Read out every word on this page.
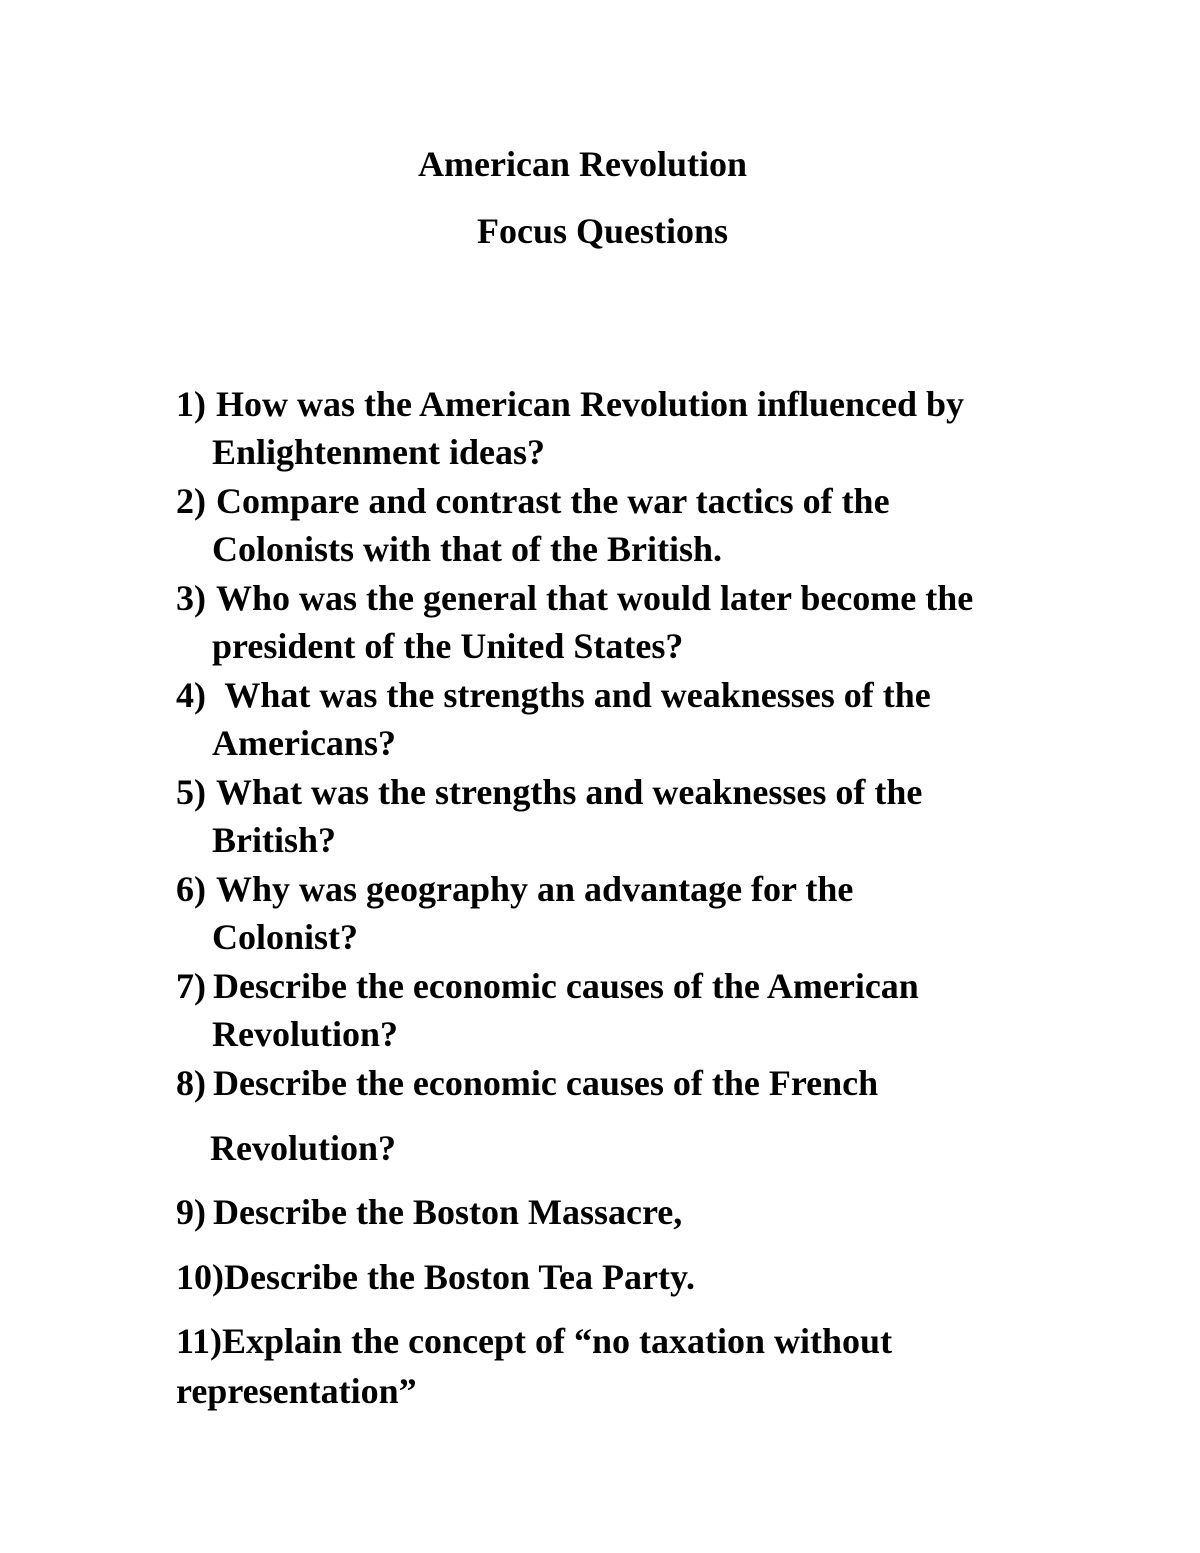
American Revolution
Focus Questions
1) How was the American Revolution influenced by
Enlightenment ideas?
2) Compare and contrast the war tactics of the
Colonists with that of the British.
3) Who was the general that would later become the
president of the United States?
4) What was the strengths and weaknesses of the
Americans?
5) What was the strengths and weaknesses of the
British?
6) Why was geography an advantage for the
Colonist?
7) Describe the economic causes of the American
Revolution?
8) Describe the economic causes of the French
Revolution?
9) Describe the Boston Massacre,
10)Describe the Boston Tea Party.
11)Explain the concept of “no taxation without
representation”
